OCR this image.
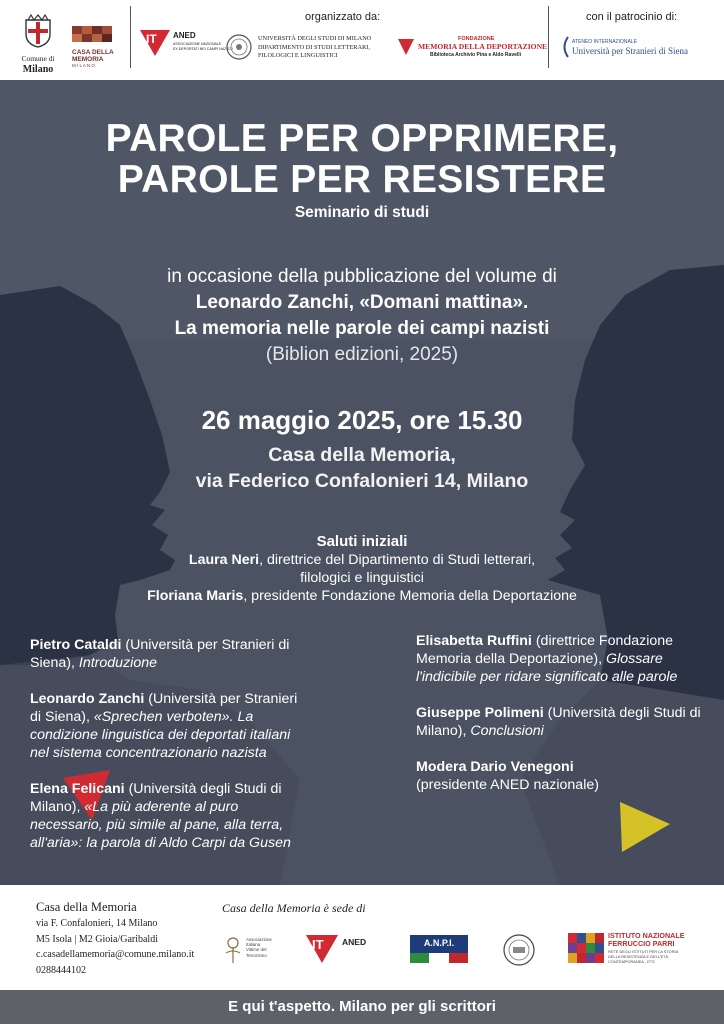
Comune di
Milano
CASA DELLA
MEMORIA
M I L A N O
IT ANED
ASSOCIAZIONE NAZIONALE
EX DEPORTATI NEI CAMPI NAZISTI
organizzato da:
UNIVERSITÀ DEGLI STUDI DI MILANO
DIPARTIMENTO DI STUDI LETTERARI,
FILOLOGICI E LINGUISTICI
FONDAZIONE
MEMORIA DELLA DEPORTAZIONE
Biblioteca Archivio Pina e Aldo Ravelli
con il patrocinio di:
ATENEO INTERNAZIONALE
Università per Stranieri di Siena
PAROLE PER OPPRIMERE,
PAROLE PER RESISTERE
Seminario di studi
in occasione della pubblicazione del volume di
Leonardo Zanchi, «Domani mattina».
La memoria nelle parole dei campi nazisti
(Biblion edizioni, 2025)
26 maggio 2025, ore 15.30
Casa della Memoria,
via Federico Confalonieri 14, Milano
Saluti iniziali
Laura Neri, direttrice del Dipartimento di Studi letterari,
filologici e linguistici
Floriana Maris, presidente Fondazione Memoria della Deportazione

Pietro Cataldi (Università per Stranieri di Siena), Introduzione

Leonardo Zanchi (Università per Stranieri di Siena), «Sprechen verboten». La condizione linguistica dei deportati italiani nel sistema concentrazionario nazista

Elena Felicani (Università degli Studi di Milano), «La più aderente al puro necessario, più simile al pane, alla terra, all'aria»: la parola di Aldo Carpi da Gusen

Elisabetta Ruffini (direttrice Fondazione Memoria della Deportazione), Glossare l'indicibile per ridare significato alle parole

Giuseppe Polimeni (Università degli Studi di Milano), Conclusioni

Modera Dario Venegoni
(presidente ANED nazionale)

Casa della Memoria
via F. Confalonieri, 14 Milano
M5 Isola | M2 Gioia/Garibaldi
c.casadellamemoria@comune.milano.it
0288444102
Casa della Memoria è sede di
Associazione
Italiana
Vittime del
Terrorismo
IT ANED	A.N.P.I.
ISTITUTO NAZIONALE
FERRUCCIO PARRI
RETE DEGLI ISTITUTI PER LA STORIA
DELLA RESISTENZA E DELL'ETÀ
CONTEMPORANEA - ETS
E qui t'aspetto. Milano per gli scrittori
